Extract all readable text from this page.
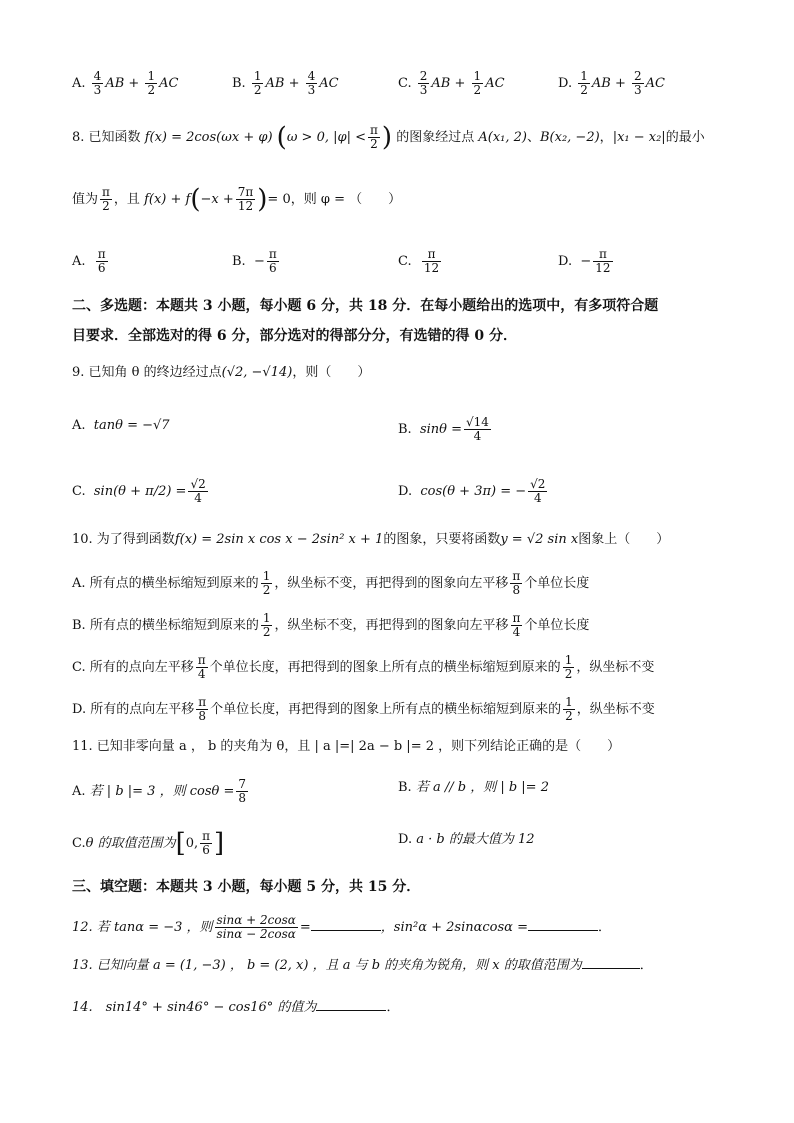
A. $\frac{4}{3}$ AB + $\frac{1}{2}$ AC	B. $\frac{1}{2}$ AB + $\frac{4}{3}$ AC	C. $\frac{2}{3}$ AB + $\frac{1}{2}$ AC	D. $\frac{1}{2}$ AB + $\frac{2}{3}$ AC
8. 已知函数 f(x) = 2cos(ωx + φ) (ω > 0, $|\varphi| < \frac{\pi}{2}$ ) 的图象经过点 A(x₁, 2)、B(x₂, −2)，|x₁ − x₂|的最小
值为 $\frac{\pi}{2}$ ，且 $f(x) + f(-x + \frac{7\pi}{12}$ )= 0，则 φ = （　　）
A. $\frac{\pi}{6}$	B. − $\frac{\pi}{6}$	C. $\frac{\pi}{12}$	D. − $\frac{\pi}{12}$
二、多选题：本题共 3 小题，每小题 6 分，共 18 分．在每小题给出的选项中，有多项符合题
目要求．全部选对的得 6 分，部分选对的得部分分，有选错的得 0 分．
9. 已知角 θ 的终边经过点(√2, −√14)，则（　　）
A. tanθ = −√7	B. $\sin\theta = \frac{√14}{4}$
C. $\sin(\theta + \pi/2) = \frac{√2}{4}$	D. cos(θ + 3π) = − $\frac{√2}{4}$
10. 为了得到函数f(x) = 2sin x cos x − 2sin² x + 1的图象，只要将函数y = √2 sin x图象上（　　）
A. 所有点的横坐标缩短到原来的 $\frac{1}{2}$ ，纵坐标不变，再把得到的图象向左平移 $\frac{\pi}{8}$ 个单位长度
B. 所有点的横坐标缩短到原来的 $\frac{1}{2}$ ，纵坐标不变，再把得到的图象向左平移 $\frac{\pi}{4}$ 个单位长度
C. 所有的点向左平移 $\frac{\pi}{4}$ 个单位长度，再把得到的图象上所有点的横坐标缩短到原来的 $\frac{1}{2}$ ，纵坐标不变
D. 所有的点向左平移 $\frac{\pi}{8}$ 个单位长度，再把得到的图象上所有点的横坐标缩短到原来的 $\frac{1}{2}$ ，纵坐标不变
11. 已知非零向量 a ， b 的夹角为 θ，且 | a |=| 2a − b |= 2 ，则下列结论正确的是（　　）
A. 若 | b |= 3 ，则 $\cos\theta = \frac{7}{8}$	B. 若 a // b ，则 | b |= 2
C.θ 的取值范围为[0, $\frac{\pi}{6}$ ]	D. a · b 的最大值为 12
三、填空题：本题共 3 小题，每小题 5 分，共 15 分．
12. 若 tanα = −3 ，则 $\frac{\sin\alpha + 2\cos\alpha}{\sin\alpha - 2\cos\alpha}$ =	，sin²α + 2sinαcosα =	．
13. 已知向量 a = (1, −3) ， b = (2, x) ，且 a 与 b 的夹角为锐角，则 x 的取值范围为	．
14.　sin14° + sin46° − cos16° 的值为	．
